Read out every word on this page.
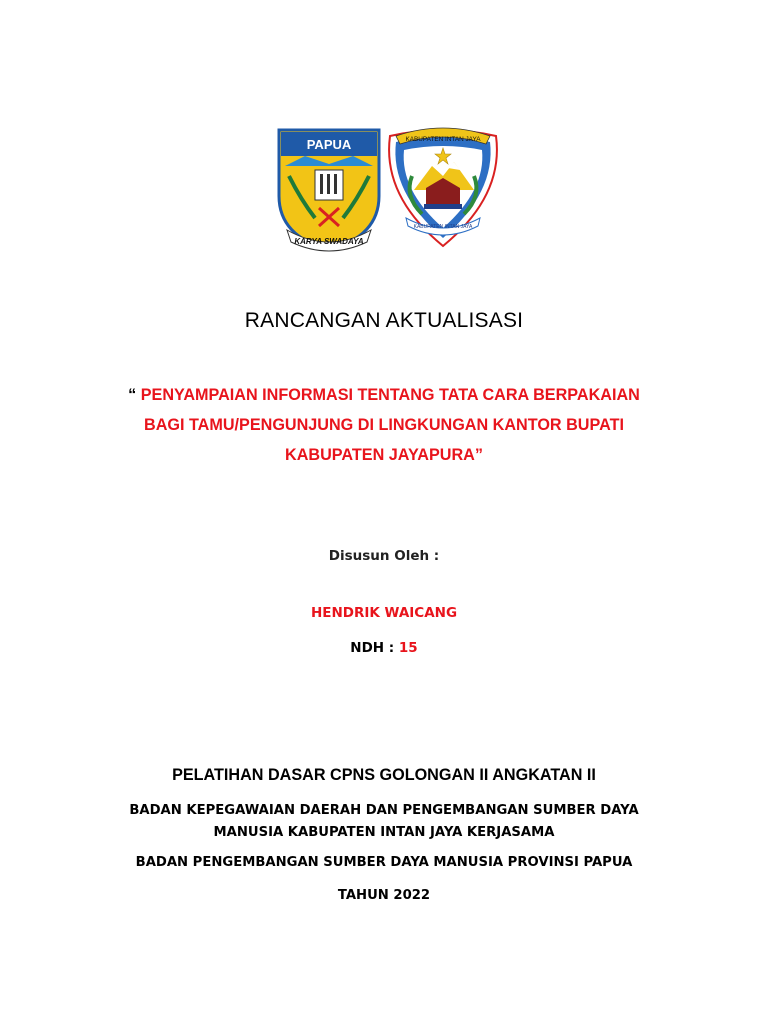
PAPUA
KARYA SWADAYA
KABUPATEN INTAN JAYA
KABUPATEN INTAN JAYA
RANCANGAN AKTUALISASI
“ PENYAMPAIAN INFORMASI TENTANG TATA CARA BERPAKAIAN
BAGI TAMU/PENGUNJUNG DI LINGKUNGAN KANTOR BUPATI
KABUPATEN JAYAPURA”
Disusun Oleh :
HENDRIK WAICANG
NDH : 15
PELATIHAN DASAR CPNS GOLONGAN II ANGKATAN II
BADAN KEPEGAWAIAN DAERAH DAN PENGEMBANGAN SUMBER DAYA
MANUSIA KABUPATEN INTAN JAYA KERJASAMA
BADAN PENGEMBANGAN SUMBER DAYA MANUSIA PROVINSI PAPUA
TAHUN 2022
